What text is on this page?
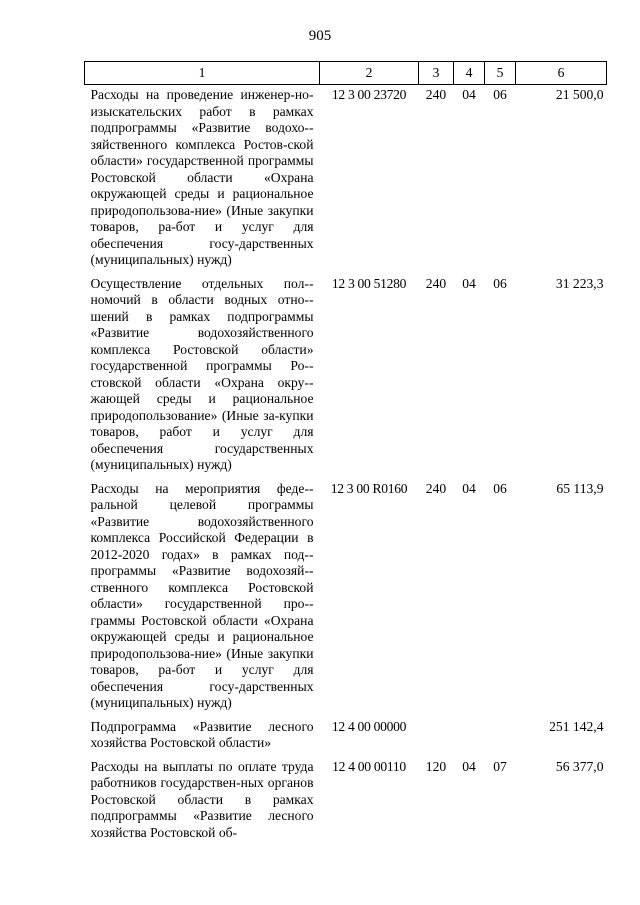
905
1	2	3	4	5	6
Расходы на проведение инженер-но-изыскательских работ в рамках подпрограммы «Развитие водохо-зяйственного комплекса Ростов-ской области» государственной программы Ростовской области «Охрана окружающей среды и рациональное природопользова-ние» (Иные закупки товаров, ра-бот и услуг для обеспечения госу-дарственных (муниципальных) нужд)	12 3 00 23720	240	04	06	21 500,0
Осуществление отдельных пол-номочий в области водных отно-шений в рамках подпрограммы «Развитие водохозяйственного комплекса Ростовской области» государственной программы Ро-стовской области «Охрана окру-жающей среды и рациональное природопользование» (Иные за-купки товаров, работ и услуг для обеспечения государственных (муниципальных) нужд)	12 3 00 51280	240	04	06	31 223,3
Расходы на мероприятия феде-ральной целевой программы «Развитие водохозяйственного комплекса Российской Федерации в 2012-2020 годах» в рамках под-программы «Развитие водохозяй-ственного комплекса Ростовской области» государственной про-граммы Ростовской области «Охрана окружающей среды и рациональное природопользова-ние» (Иные закупки товаров, ра-бот и услуг для обеспечения госу-дарственных (муниципальных) нужд)	12 3 00 R0160	240	04	06	65 113,9
Подпрограмма «Развитие лесного хозяйства Ростовской области»	12 4 00 00000				251 142,4
Расходы на выплаты по оплате труда работников государствен-ных органов Ростовской области в рамках подпрограммы «Развитие лесного хозяйства Ростовской об-	12 4 00 00110	120	04	07	56 377,0
